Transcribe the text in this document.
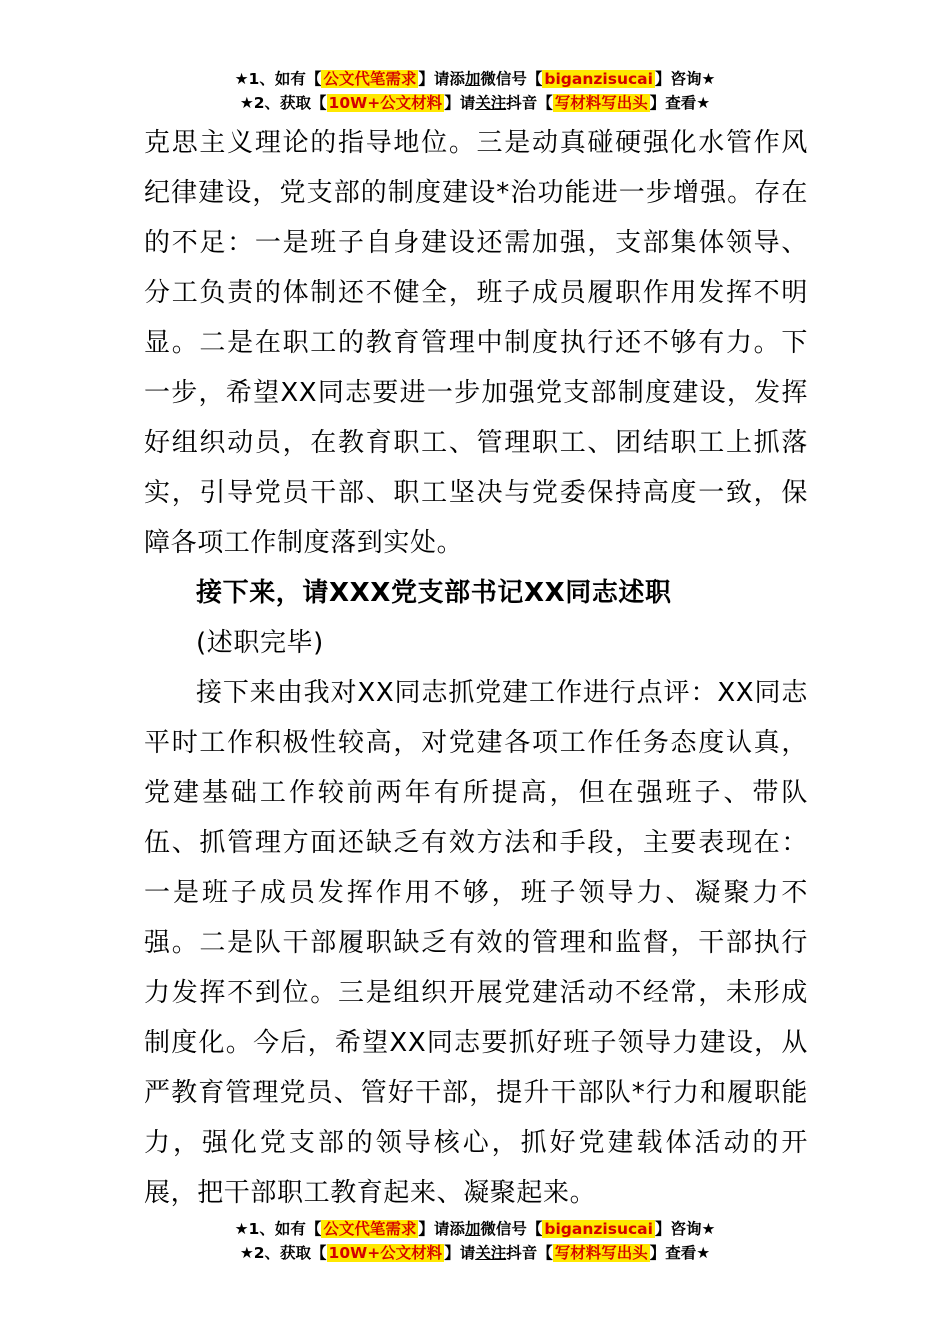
★1、如有【 公文代笔需求 】请添加微信号【 biganzisucai 】咨询★
★2、获取【 10W+公文材料 】请关注抖音【 写材料写出头 】查看★

克思主义理论的指导地位。三是动真碰硬强化水管作风纪律建设，党支部的制度建设*治功能进一步增强。存在的不足：一是班子自身建设还需加强，支部集体领导、分工负责的体制还不健全，班子成员履职作用发挥不明显。二是在职工的教育管理中制度执行还不够有力。下一步，希望XX同志要进一步加强党支部制度建设，发挥好组织动员，在教育职工、管理职工、团结职工上抓落实，引导党员干部、职工坚决与党委保持高度一致，保障各项工作制度落到实处。

接下来，请XXX党支部书记XX同志述职

(述职完毕)

接下来由我对XX同志抓党建工作进行点评：XX同志平时工作积极性较高，对党建各项工作任务态度认真，党建基础工作较前两年有所提高，但在强班子、带队伍、抓管理方面还缺乏有效方法和手段，主要表现在：一是班子成员发挥作用不够，班子领导力、凝聚力不强。二是队干部履职缺乏有效的管理和监督，干部执行力发挥不到位。三是组织开展党建活动不经常，未形成制度化。今后，希望XX同志要抓好班子领导力建设，从严教育管理党员、管好干部，提升干部队*行力和履职能力，强化党支部的领导核心，抓好党建载体活动的开展，把干部职工教育起来、凝聚起来。

★1、如有【 公文代笔需求 】请添加微信号【 biganzisucai 】咨询★
★2、获取【 10W+公文材料 】请关注抖音【 写材料写出头 】查看★
